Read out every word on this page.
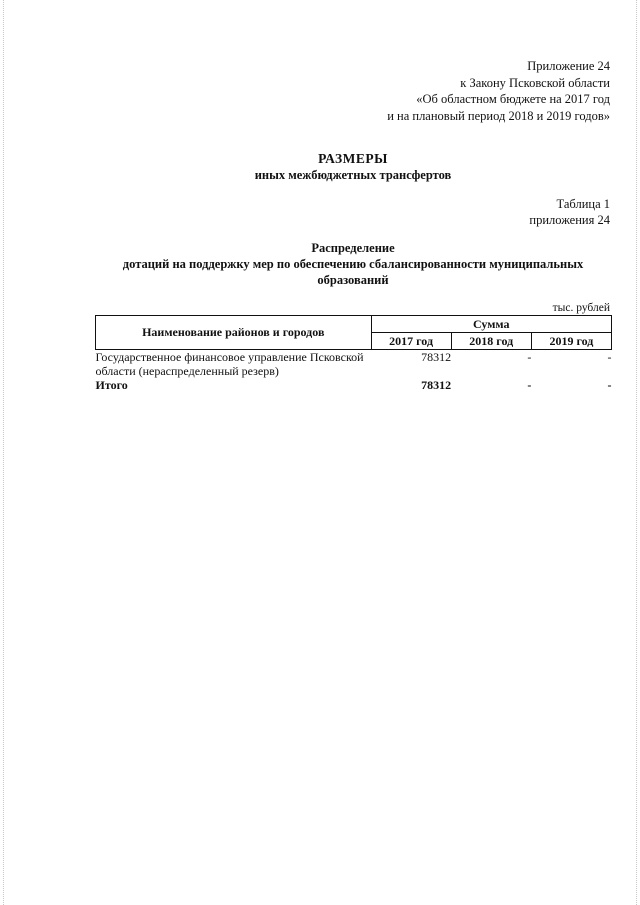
Приложение 24
к Закону Псковской области
«Об областном бюджете на 2017 год
и на плановый период 2018 и 2019 годов»
РАЗМЕРЫ
иных межбюджетных трансфертов
Таблица 1
приложения 24
Распределение
дотаций на поддержку мер по обеспечению сбалансированности муниципальных
образований
тыс. рублей
Наименование районов и городов	Сумма		
	2017 год	2018 год	2019 год
Государственное финансовое управление Псковской области (нераспределенный резерв)	78312	-	-
Итого	78312	-	-
